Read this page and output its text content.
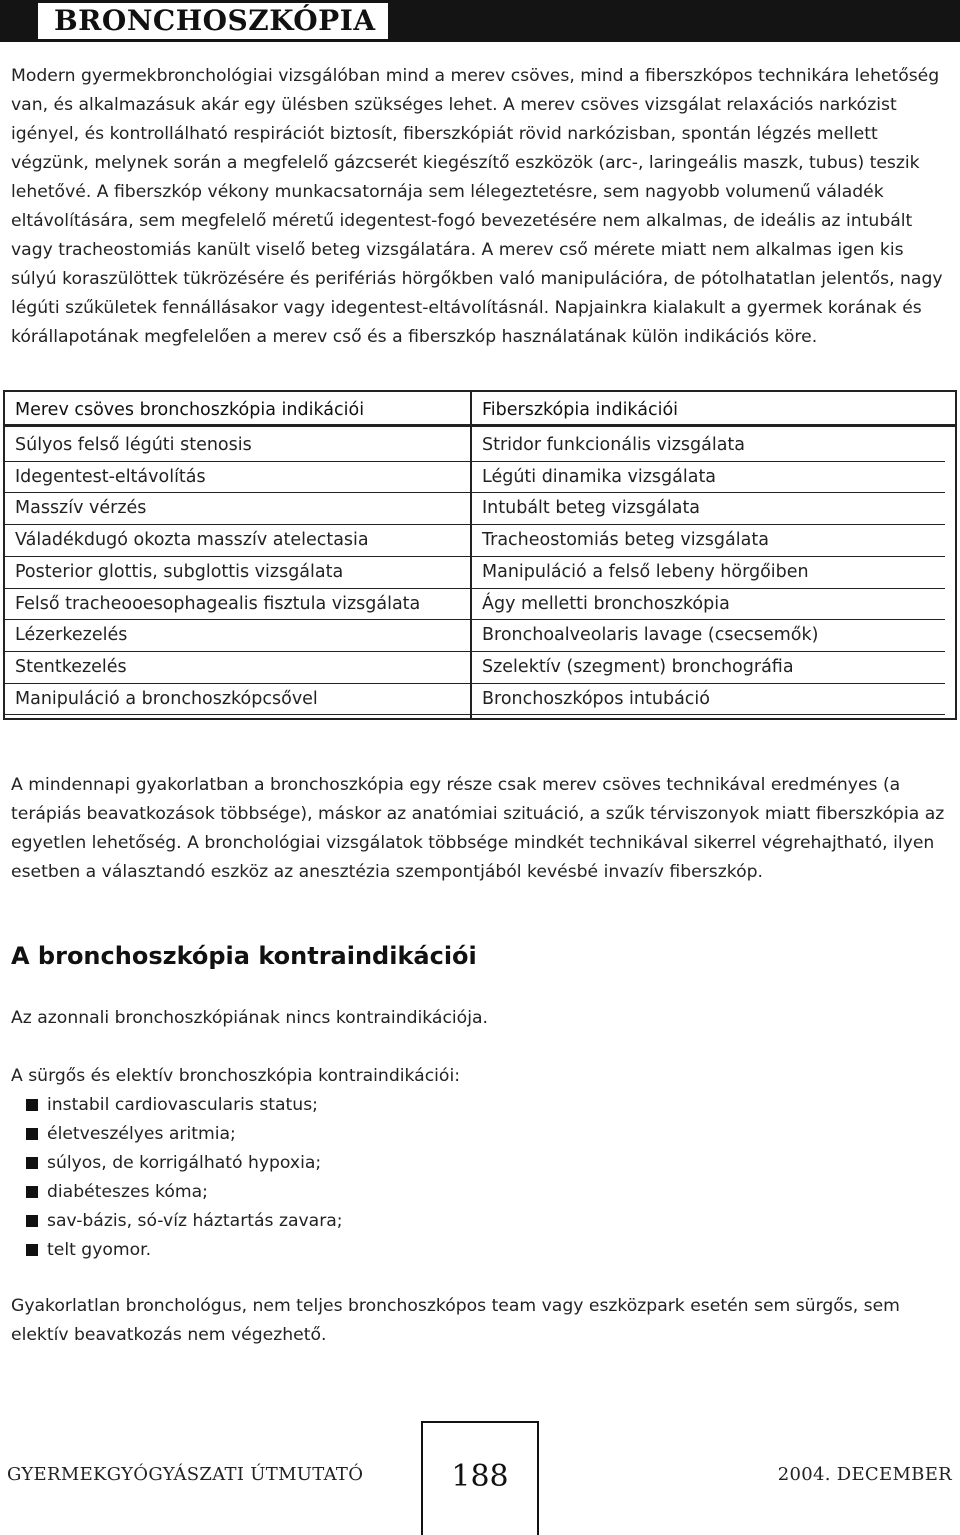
BRONCHOSZKÓPIA

Modern gyermekbronchológiai vizsgálóban mind a merev csöves, mind a fiberszkópos technikára lehetőség van, és alkalmazásuk akár egy ülésben szükséges lehet. A merev csöves vizsgálat relaxációs narkózist igényel, és kontrollálható respirációt biztosít, fiberszkópiát rövid narkózisban, spontán légzés mellett végzünk, melynek során a megfelelő gázcserét kiegészítő eszközök (arc-, laringeális maszk, tubus) teszik lehetővé. A fiberszkóp vékony munkacsatornája sem lélegeztetésre, sem nagyobb volumenű váladék eltávolítására, sem megfelelő méretű idegentest-fogó bevezetésére nem alkalmas, de ideális az intubált vagy tracheostomiás kanült viselő beteg vizsgálatára. A merev cső mérete miatt nem alkalmas igen kis súlyú koraszülöttek tükrözésére és perifériás hörgőkben való manipulációra, de pótolhatatlan jelentős, nagy légúti szűkületek fennállásakor vagy idegentest-eltávolításnál. Napjainkra kialakult a gyermek korának és kórállapotának megfelelően a merev cső és a fiberszkóp használatának külön indikációs köre.

Merev csöves bronchoszkópia indikációi	Fiberszkópia indikációi
Súlyos felső légúti stenosis
Idegentest-eltávolítás
Masszív vérzés
Váladékdugó okozta masszív atelectasia
Posterior glottis, subglottis vizsgálata
Felső tracheooesophagealis fisztula vizsgálata
Lézerkezelés
Stentkezelés
Manipuláció a bronchoszkópcsővel
Stridor funkcionális vizsgálata
Légúti dinamika vizsgálata
Intubált beteg vizsgálata
Tracheostomiás beteg vizsgálata
Manipuláció a felső lebeny hörgőiben
Ágy melletti bronchoszkópia
Bronchoalveolaris lavage (csecsemők)
Szelektív (szegment) bronchográfia
Bronchoszkópos intubáció

A mindennapi gyakorlatban a bronchoszkópia egy része csak merev csöves technikával eredményes (a terápiás beavatkozások többsége), máskor az anatómiai szituáció, a szűk térviszonyok miatt fiberszkópia az egyetlen lehetőség. A bronchológiai vizsgálatok többsége mindkét technikával sikerrel végrehajtható, ilyen esetben a választandó eszköz az anesztézia szempontjából kevésbé invazív fiberszkóp.

A bronchoszkópia kontraindikációi

Az azonnali bronchoszkópiának nincs kontraindikációja.

A sürgős és elektív bronchoszkópia kontraindikációi:

instabil cardiovascularis status;
életveszélyes aritmia;
súlyos, de korrigálható hypoxia;
diabéteszes kóma;
sav-bázis, só-víz háztartás zavara;
telt gyomor.

Gyakorlatlan bronchológus, nem teljes bronchoszkópos team vagy eszközpark esetén sem sürgős, sem elektív beavatkozás nem végezhető.

GYERMEKGYÓGYÁSZATI ÚTMUTATÓ	2004. DECEMBER
188
